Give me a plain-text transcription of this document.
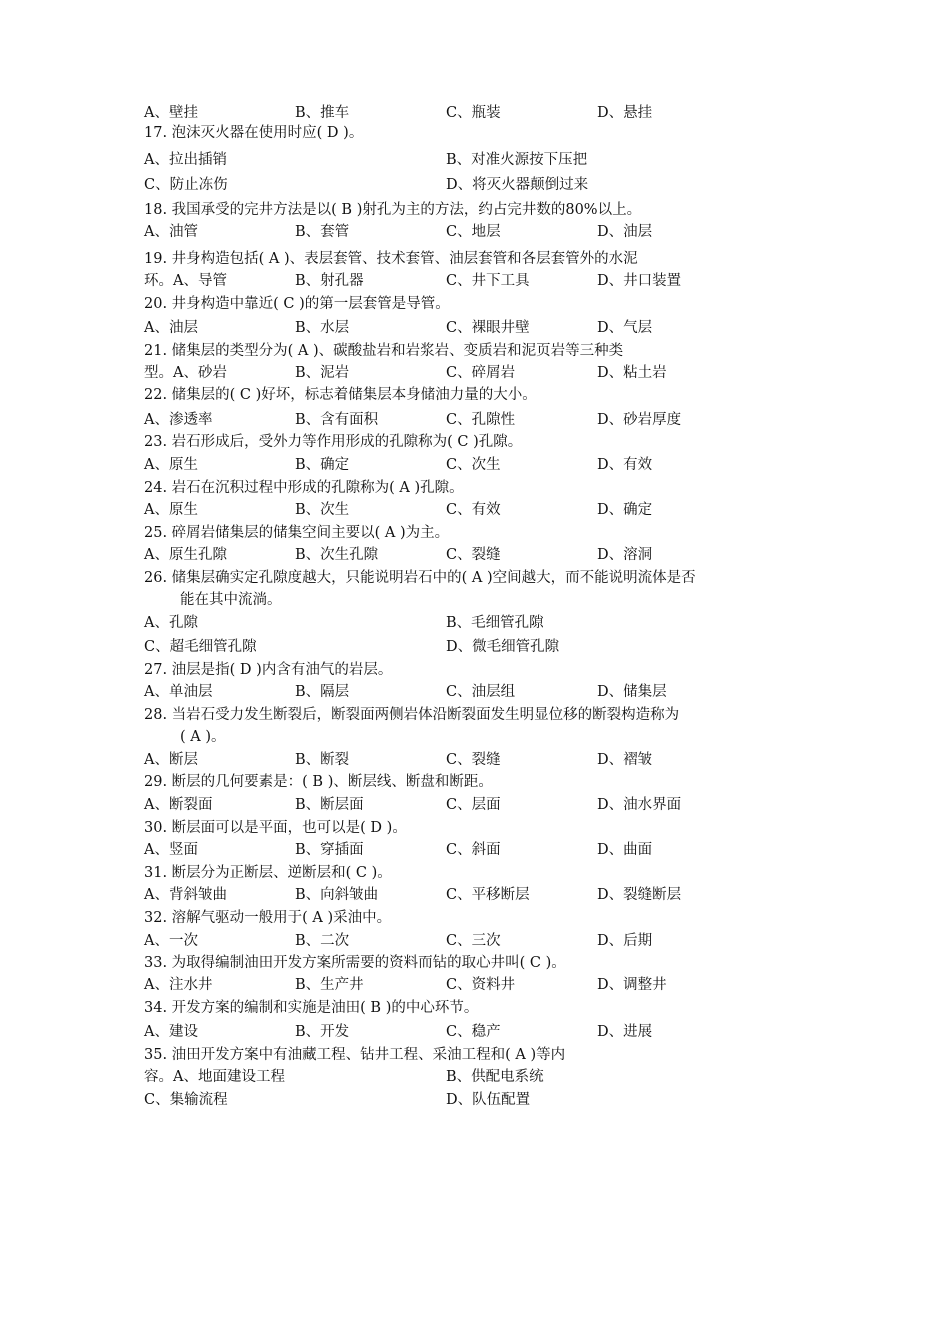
A、壁挂	B、推车	C、瓶装	D、悬挂
17. 泡沫灭火器在使用时应( D )。
A、拉出插销	B、对准火源按下压把
C、防止冻伤	D、将灭火器颠倒过来
18. 我国承受的完井方法是以( B )射孔为主的方法，约占完井数的80%以上。
A、油管	B、套管	C、地层	D、油层
19. 井身构造包括( A )、表层套管、技术套管、油层套管和各层套管外的水泥
环。A、导管	B、射孔器	C、井下工具	D、井口装置
20. 井身构造中靠近( C )的第一层套管是导管。
A、油层	B、水层	C、裸眼井壁	D、气层
21. 储集层的类型分为( A )、碳酸盐岩和岩浆岩、变质岩和泥页岩等三种类
型。A、砂岩	B、泥岩	C、碎屑岩	D、粘土岩
22. 储集层的( C )好坏，标志着储集层本身储油力量的大小。
A、渗透率	B、含有面积	C、孔隙性	D、砂岩厚度
23. 岩石形成后，受外力等作用形成的孔隙称为( C )孔隙。
A、原生	B、确定	C、次生	D、有效
24. 岩石在沉积过程中形成的孔隙称为( A )孔隙。
A、原生	B、次生	C、有效	D、确定
25. 碎屑岩储集层的储集空间主要以( A )为主。
A、原生孔隙	B、次生孔隙	C、裂缝	D、溶洞
26. 储集层确实定孔隙度越大，只能说明岩石中的( A )空间越大，而不能说明流体是否
能在其中流淌。
A、孔隙	B、毛细管孔隙
C、超毛细管孔隙	D、微毛细管孔隙
27. 油层是指( D )内含有油气的岩层。
A、单油层	B、隔层	C、油层组	D、储集层
28. 当岩石受力发生断裂后，断裂面两侧岩体沿断裂面发生明显位移的断裂构造称为
( A )。
A、断层	B、断裂	C、裂缝	D、褶皱
29. 断层的几何要素是：( B )、断层线、断盘和断距。
A、断裂面	B、断层面	C、层面	D、油水界面
30. 断层面可以是平面，也可以是( D )。
A、竖面	B、穿插面	C、斜面	D、曲面
31. 断层分为正断层、逆断层和( C )。
A、背斜皱曲	B、向斜皱曲	C、平移断层	D、裂缝断层
32. 溶解气驱动一般用于( A )采油中。
A、一次	B、二次	C、三次	D、后期
33. 为取得编制油田开发方案所需要的资料而钻的取心井叫( C )。
A、注水井	B、生产井	C、资料井	D、调整井
34. 开发方案的编制和实施是油田( B )的中心环节。
A、建设	B、开发	C、稳产	D、进展
35. 油田开发方案中有油藏工程、钻井工程、采油工程和( A )等内
容。A、地面建设工程	B、供配电系统
C、集输流程	D、队伍配置
